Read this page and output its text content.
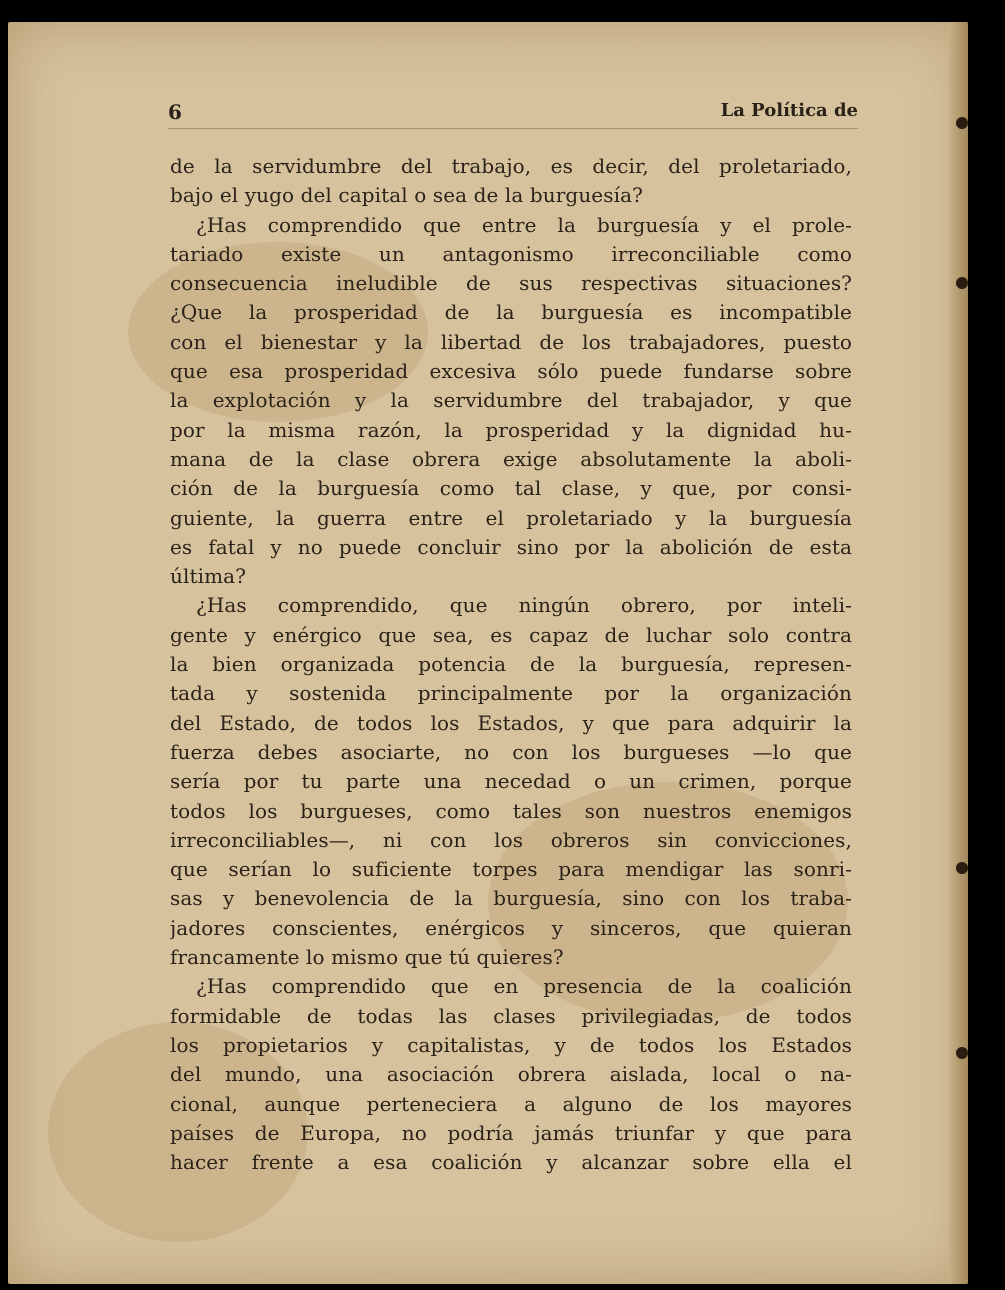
6	La Política de
de la servidumbre del trabajo, es decir, del proletariado,
bajo el yugo del capital o sea de la burguesía?
¿Has comprendido que entre la burguesía y el prole-
tariado existe un antagonismo irreconciliable como
consecuencia ineludible de sus respectivas situaciones?
¿Que la prosperidad de la burguesía es incompatible
con el bienestar y la libertad de los trabajadores, puesto
que esa prosperidad excesiva sólo puede fundarse sobre
la explotación y la servidumbre del trabajador, y que
por la misma razón, la prosperidad y la dignidad hu-
mana de la clase obrera exige absolutamente la aboli-
ción de la burguesía como tal clase, y que, por consi-
guiente, la guerra entre el proletariado y la burguesía
es fatal y no puede concluir sino por la abolición de esta
última?
¿Has comprendido, que ningún obrero, por inteli-
gente y enérgico que sea, es capaz de luchar solo contra
la bien organizada potencia de la burguesía, represen-
tada y sostenida principalmente por la organización
del Estado, de todos los Estados, y que para adquirir la
fuerza debes asociarte, no con los burgueses —lo que
sería por tu parte una necedad o un crimen, porque
todos los burgueses, como tales son nuestros enemigos
irreconciliables—, ni con los obreros sin convicciones,
que serían lo suficiente torpes para mendigar las sonri-
sas y benevolencia de la burguesía, sino con los traba-
jadores conscientes, enérgicos y sinceros, que quieran
francamente lo mismo que tú quieres?
¿Has comprendido que en presencia de la coalición
formidable de todas las clases privilegiadas, de todos
los propietarios y capitalistas, y de todos los Estados
del mundo, una asociación obrera aislada, local o na-
cional, aunque perteneciera a alguno de los mayores
países de Europa, no podría jamás triunfar y que para
hacer frente a esa coalición y alcanzar sobre ella el
